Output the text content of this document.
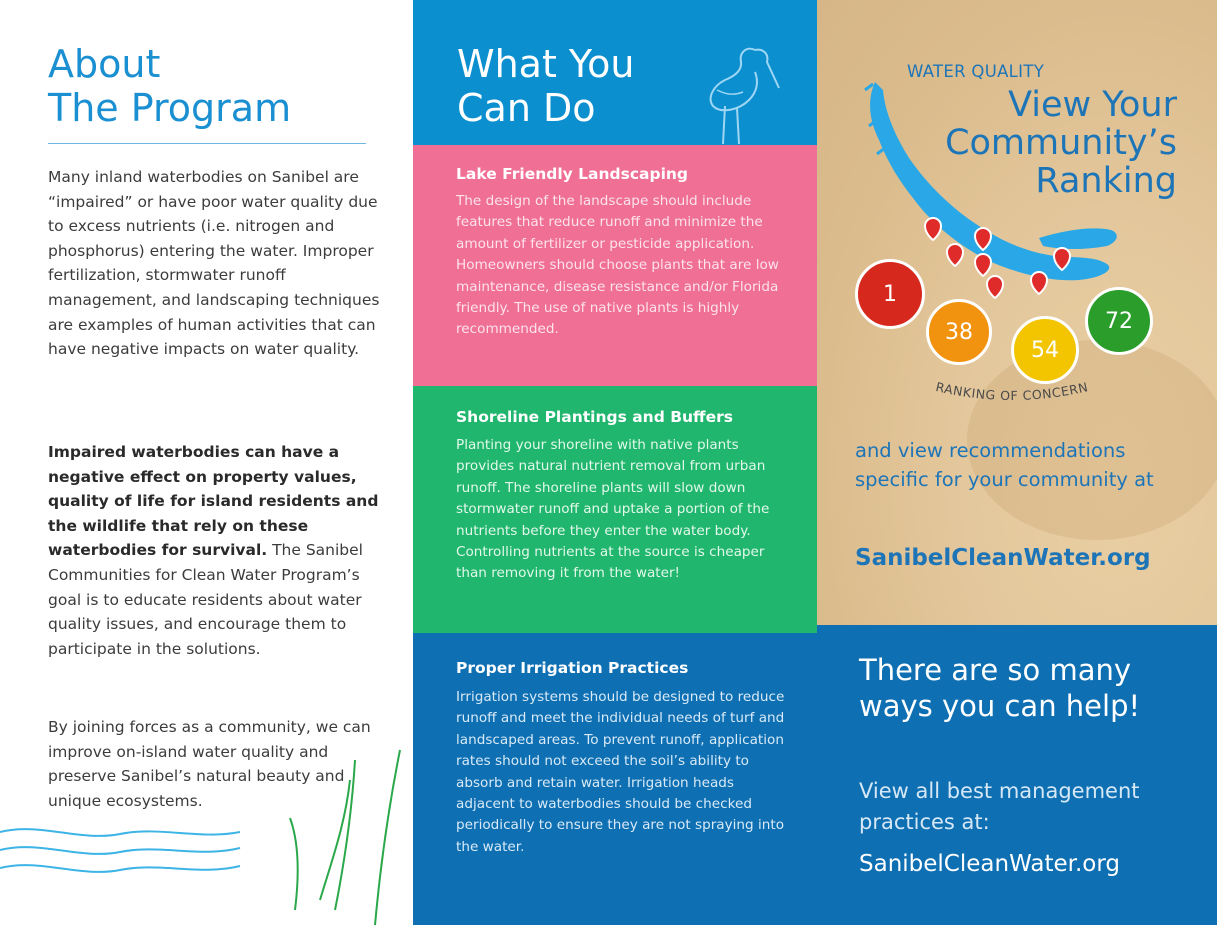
About
The Program

Many inland waterbodies on Sanibel are “impaired” or have poor water quality due to excess nutrients (i.e. nitrogen and phosphorus) entering the water. Improper fertilization, stormwater runoff management, and landscaping techniques are examples of human activities that can have negative impacts on water quality.

Impaired waterbodies can have a negative effect on property values, quality of life for island residents and the wildlife that rely on these waterbodies for survival. The Sanibel Communities for Clean Water Program’s goal is to educate residents about water quality issues, and encourage them to participate in the solutions.

By joining forces as a community, we can improve on-island water quality and preserve Sanibel’s natural beauty and unique ecosystems.

What You
Can Do
Lake Friendly Landscaping

The design of the landscape should include features that reduce runoff and minimize the amount of fertilizer or pesticide application. Homeowners should choose plants that are low maintenance, disease resistance and/or Florida friendly. The use of native plants is highly recommended.

Shoreline Plantings and Buffers

Planting your shoreline with native plants provides natural nutrient removal from urban runoff. The shoreline plants will slow down stormwater runoff and uptake a portion of the nutrients before they enter the water body. Controlling nutrients at the source is cheaper than removing it from the water!

Proper Irrigation Practices

Irrigation systems should be designed to reduce runoff and meet the individual needs of turf and landscaped areas. To prevent runoff, application rates should not exceed the soil’s ability to absorb and retain water. Irrigation heads adjacent to waterbodies should be checked periodically to ensure they are not spraying into the water.

WATER QUALITY
View Your
Community’s
Ranking
1
38
54
72
RANKING OF CONCERN

and view recommendations specific for your community at

SanibelCleanWater.org
There are so many ways you can help!

View all best management practices at:

SanibelCleanWater.org
